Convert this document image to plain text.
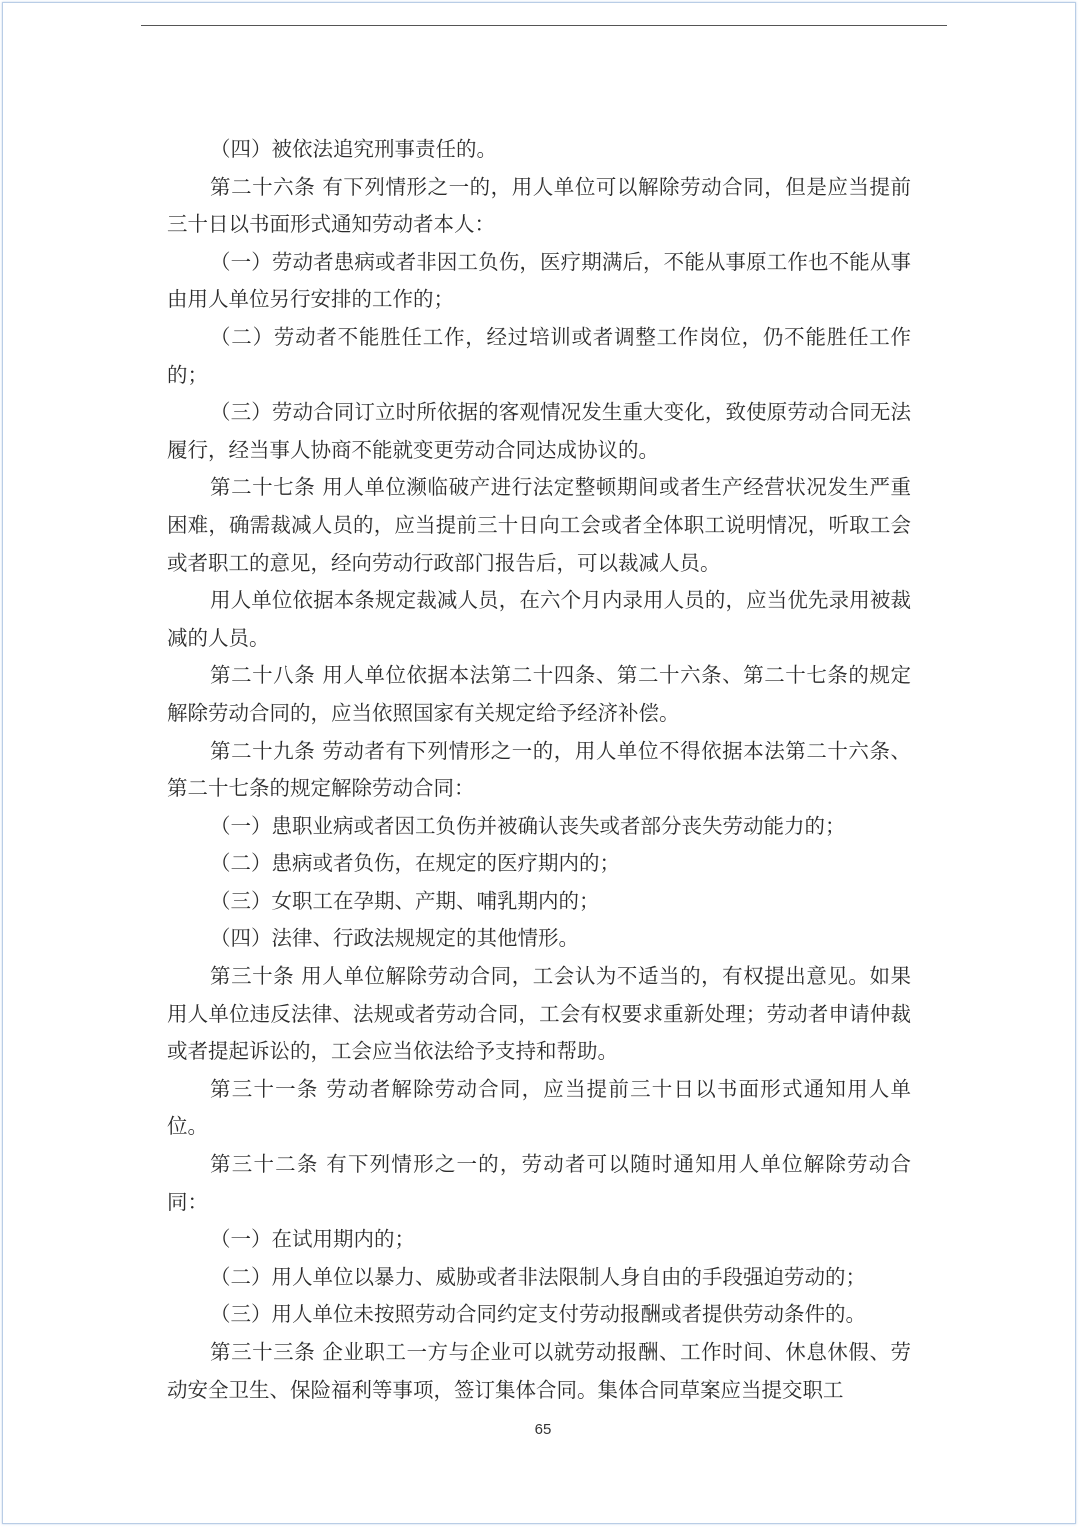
（四）被依法追究刑事责任的。

第二十六条 有下列情形之一的，用人单位可以解除劳动合同，但是应当提前三十日以书面形式通知劳动者本人：

（一）劳动者患病或者非因工负伤，医疗期满后，不能从事原工作也不能从事由用人单位另行安排的工作的；

（二）劳动者不能胜任工作，经过培训或者调整工作岗位，仍不能胜任工作的；

（三）劳动合同订立时所依据的客观情况发生重大变化，致使原劳动合同无法履行，经当事人协商不能就变更劳动合同达成协议的。

第二十七条 用人单位濒临破产进行法定整顿期间或者生产经营状况发生严重困难，确需裁减人员的，应当提前三十日向工会或者全体职工说明情况，听取工会或者职工的意见，经向劳动行政部门报告后，可以裁减人员。

用人单位依据本条规定裁减人员，在六个月内录用人员的，应当优先录用被裁减的人员。

第二十八条 用人单位依据本法第二十四条、第二十六条、第二十七条的规定解除劳动合同的，应当依照国家有关规定给予经济补偿。

第二十九条 劳动者有下列情形之一的，用人单位不得依据本法第二十六条、第二十七条的规定解除劳动合同：

（一）患职业病或者因工负伤并被确认丧失或者部分丧失劳动能力的；

（二）患病或者负伤，在规定的医疗期内的；

（三）女职工在孕期、产期、哺乳期内的；

（四）法律、行政法规规定的其他情形。

第三十条 用人单位解除劳动合同，工会认为不适当的，有权提出意见。如果用人单位违反法律、法规或者劳动合同，工会有权要求重新处理；劳动者申请仲裁或者提起诉讼的，工会应当依法给予支持和帮助。

第三十一条 劳动者解除劳动合同，应当提前三十日以书面形式通知用人单位。

第三十二条 有下列情形之一的，劳动者可以随时通知用人单位解除劳动合同：

（一）在试用期内的；

（二）用人单位以暴力、威胁或者非法限制人身自由的手段强迫劳动的；

（三）用人单位未按照劳动合同约定支付劳动报酬或者提供劳动条件的。

第三十三条 企业职工一方与企业可以就劳动报酬、工作时间、休息休假、劳动安全卫生、保险福利等事项，签订集体合同。集体合同草案应当提交职工

65
